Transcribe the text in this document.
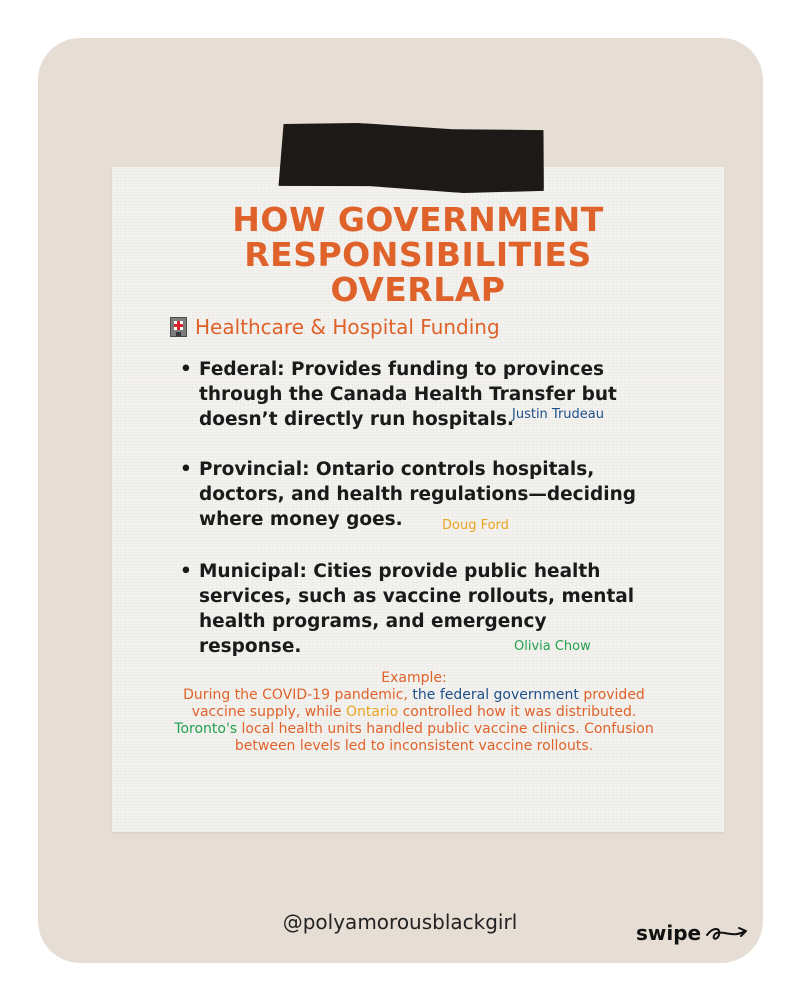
HOW GOVERNMENT
RESPONSIBILITIES
OVERLAP
Healthcare & Hospital Funding
• Federal: Provides funding to provinces through the Canada Health Transfer but doesn’t directly run hospitals.
Justin Trudeau
• Provincial: Ontario controls hospitals, doctors, and health regulations—deciding where money goes.	Doug Ford
• Municipal: Cities provide public health services, such as vaccine rollouts, mental health programs, and emergency response.	Olivia Chow
Example:
During the COVID-19 pandemic, the federal government provided vaccine supply, while Ontario controlled how it was distributed. Toronto's local health units handled public vaccine clinics. Confusion between levels led to inconsistent vaccine rollouts.
@polyamorousblackgirl	swipe
